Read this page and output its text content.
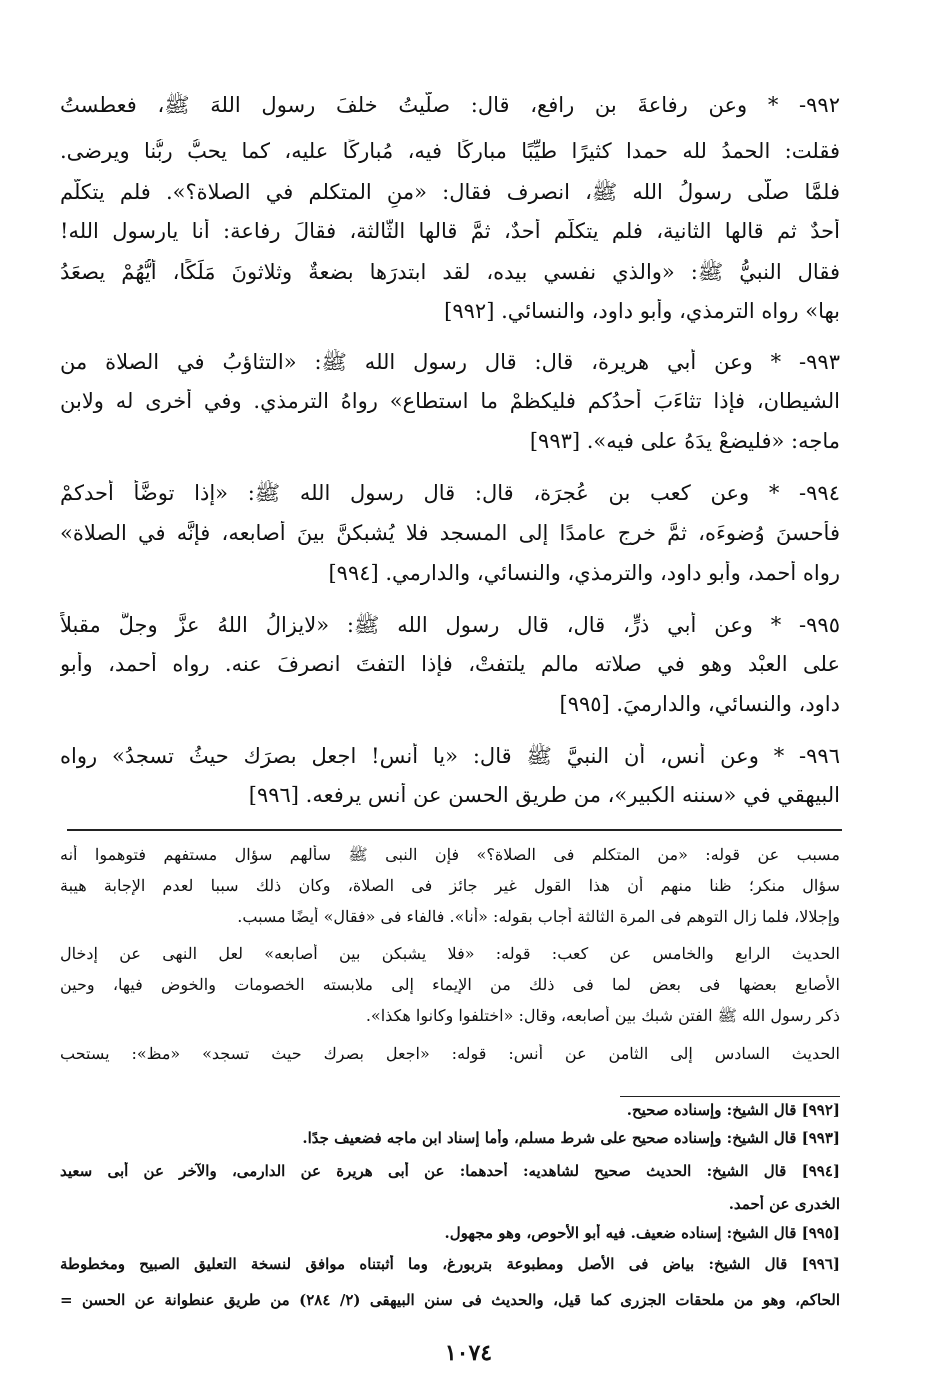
٩٩٢- * وعن رفاعةَ بن رافع، قال: صلَّيتُ خلفَ رسول اللهَ ﷺ، فعطستُ
فقلت: الحمدُ لله حمدا كثيرًا طيِّبًا مباركًا فيه، مُباركًا عليه، كما يحبُّ ربُّنا ويرضى.
فلمَّا صلّى رسولُ الله ﷺ، انصرف فقال: «منِ المتكلم في الصلاة؟». فلم يتكلَّم
أحدٌ ثم قالها الثانية، فلم يتكلَّم أحدٌ، ثمَّ قالها الثَّالثة، فقالَ رفاعة: أنا يارسول الله!
فقال النبيُّ ﷺ: «والذي نفسي بيده، لقد ابتدرَها بضعةٌ وثلاثونَ مَلَكًا، أيُّهُمْ يصعَدُ
بها» رواه الترمذي، وأبو داود، والنسائي. [٩٩٢]
٩٩٣- * وعن أبي هريرة، قال: قال رسول الله ﷺ: «التثاؤبُ في الصلاة من
الشيطان، فإذا تثاءَبَ أحدُكم فليكظمْ ما استطاع» رواهُ الترمذي. وفي أخرى له ولابن
ماجه: «فليضعْ يدَهُ على فيه». [٩٩٣]
٩٩٤- * وعن كعب بن عُجرَة، قال: قال رسول الله ﷺ: «إذا توضَّأ أحدكمْ
فأحسنَ وُضوءَه، ثمَّ خرج عامدًا إلى المسجد فلا يُشبكنَّ بينَ أصابعه، فإنَّه في الصلاة»
رواه أحمد، وأبو داود، والترمذي، والنسائي، والدارمي. [٩٩٤]
٩٩٥- * وعن أبي ذرٍّ، قال، قال رسول الله ﷺ: «لايزالُ اللهُ عزَّ وجلَّ مقبلاً
على العبْد وهو في صلاته مالم يلتفتْ، فإذا التفتَ انصرفَ عنه. رواه أحمد، وأبو
داود، والنسائي، والدارميَ. [٩٩٥]
٩٩٦- * وعن أنس، أن النبيَّ ﷺ قال: «يا أنس! اجعل بصرَك حيثُ تسجدُ» رواه
البيهقي في «سننه الكبير»، من طريق الحسن عن أنس يرفعه. [٩٩٦]
مسبب عن قوله: «من المتكلم فى الصلاة؟» فإن النبى ﷺ سألهم سؤال مستفهم فتوهموا أنه
سؤال منكر؛ ظنا منهم أن هذا القول غير جائز فى الصلاة، وكان ذلك سببا لعدم الإجابة هيبة
وإجلالا، فلما زال التوهم فى المرة الثالثة أجاب بقوله: «أنا». فالفاء فى «فقال» أيضًا مسبب.
الحديث الرابع والخامس عن كعب: قوله: «فلا يشبكن بين أصابعه» لعل النهى عن إدخال
الأصابع بعضها فى بعض لما فى ذلك من الإيماء إلى ملابسته الخصومات والخوض فيها، وحين
ذكر رسول الله ﷺ الفتن شبك بين أصابعه، وقال: «اختلفوا وكانوا هكذا».
الحديث السادس إلى الثامن عن أنس: قوله: «اجعل بصرك حيث تسجد» «مظ»: يستحب
[٩٩٢] قال الشيخ: وإسناده صحيح.
[٩٩٣] قال الشيخ: وإسناده صحيح على شرط مسلم، وأما إسناد ابن ماجه فضعيف جدًا.
[٩٩٤] قال الشيخ: الحديث صحيح لشاهديه: أحدهما: عن أبى هريرة عن الدارمى، والآخر عن أبى سعيد
الخدرى عن أحمد.
[٩٩٥] قال الشيخ: إسناده ضعيف. فيه أبو الأحوص، وهو مجهول.
[٩٩٦] قال الشيخ: بياض فى الأصل ومطبوعة بتربورغ، وما أثبتناه موافق لنسخة التعليق الصبيح ومخطوطة
الحاكم، وهو من ملحقات الجزرى كما قيل، والحديث فى سنن البيهقى (٢/ ٢٨٤) من طريق عنطوانة عن الحسن =
١٠٧٤
